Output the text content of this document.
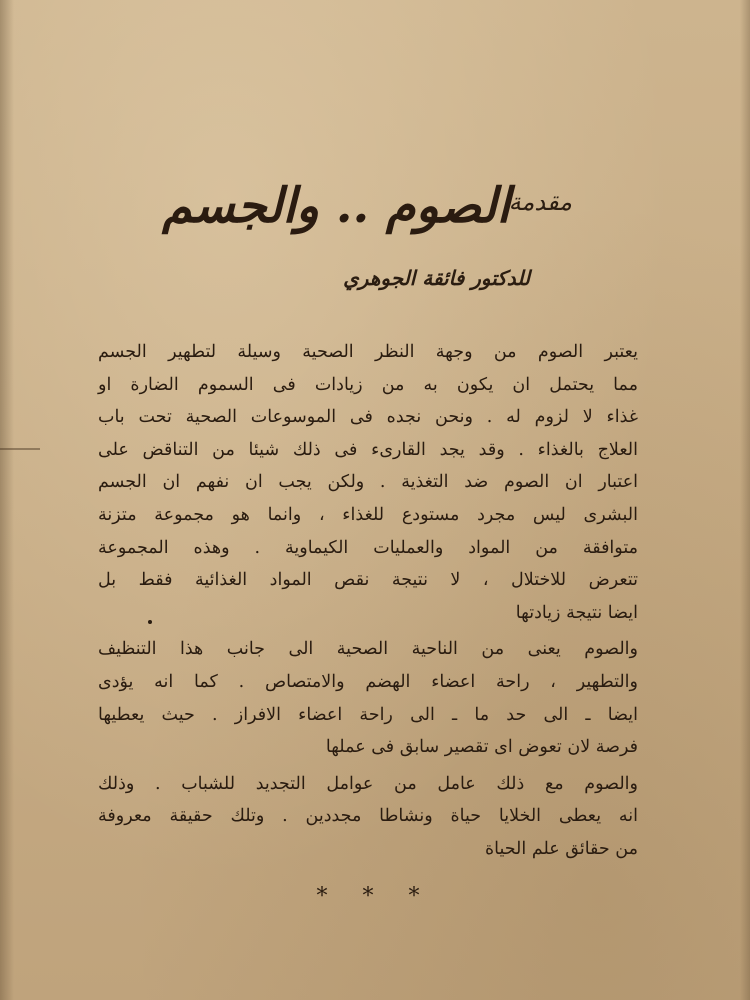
مقدمة
الصوم .. والجسم
للدكتور فائقة الجوهري
يعتبر الصوم من وجهة النظر الصحية وسيلة لتطهير الجسم
مما يحتمل ان يكون به من زيادات فى السموم الضارة او
غذاء لا لزوم له . ونحن نجده فى الموسوعات الصحية تحت باب
العلاج بالغذاء . وقد يجد القارىء فى ذلك شيئا من التناقض على
اعتبار ان الصوم ضد التغذية . ولكن يجب ان نفهم ان الجسم
البشرى ليس مجرد مستودع للغذاء ، وانما هو مجموعة متزنة
متوافقة من المواد والعمليات الكيماوية . وهذه المجموعة
تتعرض للاختلال ، لا نتيجة نقص المواد الغذائية فقط بل
ايضا نتيجة زيادتها
والصوم يعنى من الناحية الصحية الى جانب هذا التنظيف
والتطهير ، راحة اعضاء الهضم والامتصاص . كما انه يؤدى
ايضا ـ الى حد ما ـ الى راحة اعضاء الافراز . حيث يعطيها
فرصة لان تعوض اى تقصير سابق فى عملها
والصوم مع ذلك عامل من عوامل التجديد للشباب . وذلك
انه يعطى الخلايا حياة ونشاطا مجددين . وتلك حقيقة معروفة
من حقائق علم الحياة
* * *
